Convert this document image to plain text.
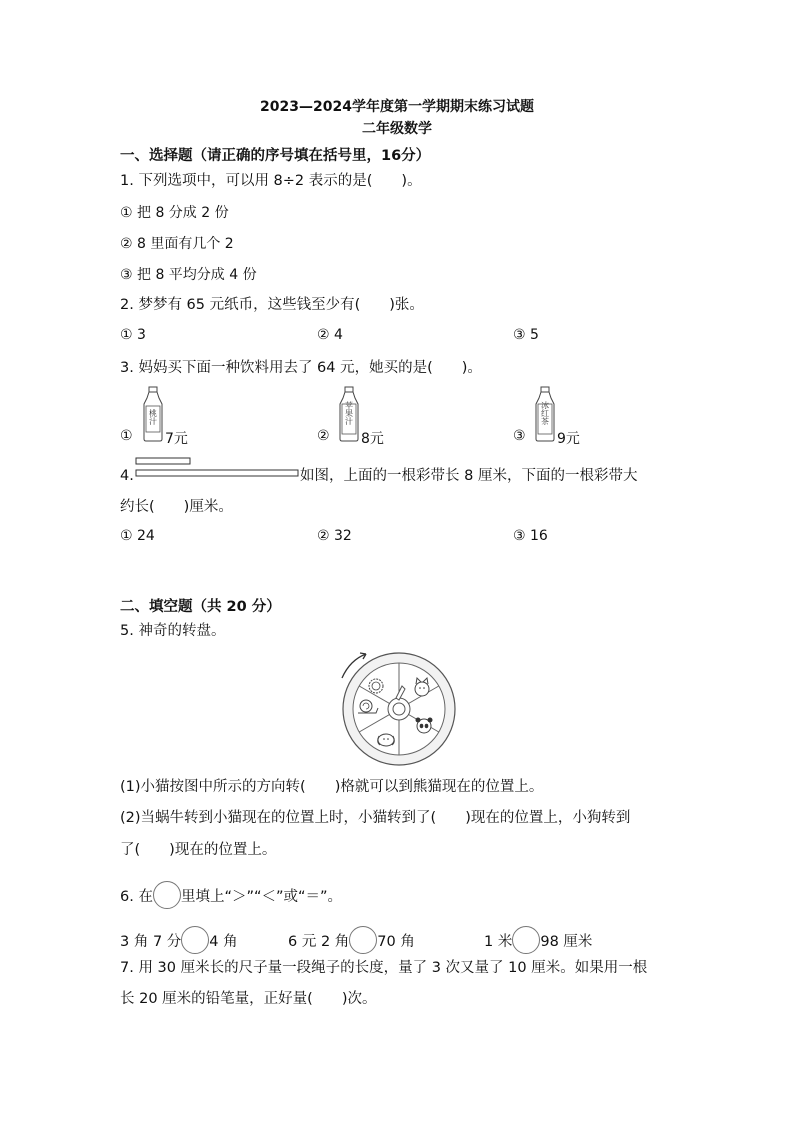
2023—2024学年度第一学期期末练习试题
二年级数学
一、选择题（请正确的序号填在括号里，16分）
1. 下列选项中，可以用 8÷2 表示的是(　　)。
① 把 8 分成 2 份
② 8 里面有几个 2
③ 把 8 平均分成 4 份
2. 梦梦有 65 元纸币，这些钱至少有(　　)张。
① 3	② 4	③ 5
3. 妈妈买下面一种饮料用去了 64 元，她买的是(　　)。
①
桃汁
7元	②
苹果汁
8元	③
冰红茶
9元
4.	如图，上面的一根彩带长 8 厘米，下面的一根彩带大
约长(　　)厘米。
① 24	② 32	③ 16
二、填空题（共 20 分）
5. 神奇的转盘。
(1)小猫按图中所示的方向转(　　)格就可以到熊猫现在的位置上。
(2)当蜗牛转到小猫现在的位置上时，小猫转到了(　　)现在的位置上，小狗转到
了(　　)现在的位置上。
6. 在 里填上“＞”“＜”或“＝”。
3 角 7 分 4 角	6 元 2 角 70 角	1 米 98 厘米
7. 用 30 厘米长的尺子量一段绳子的长度，量了 3 次又量了 10 厘米。如果用一根
长 20 厘米的铅笔量，正好量(　　)次。
